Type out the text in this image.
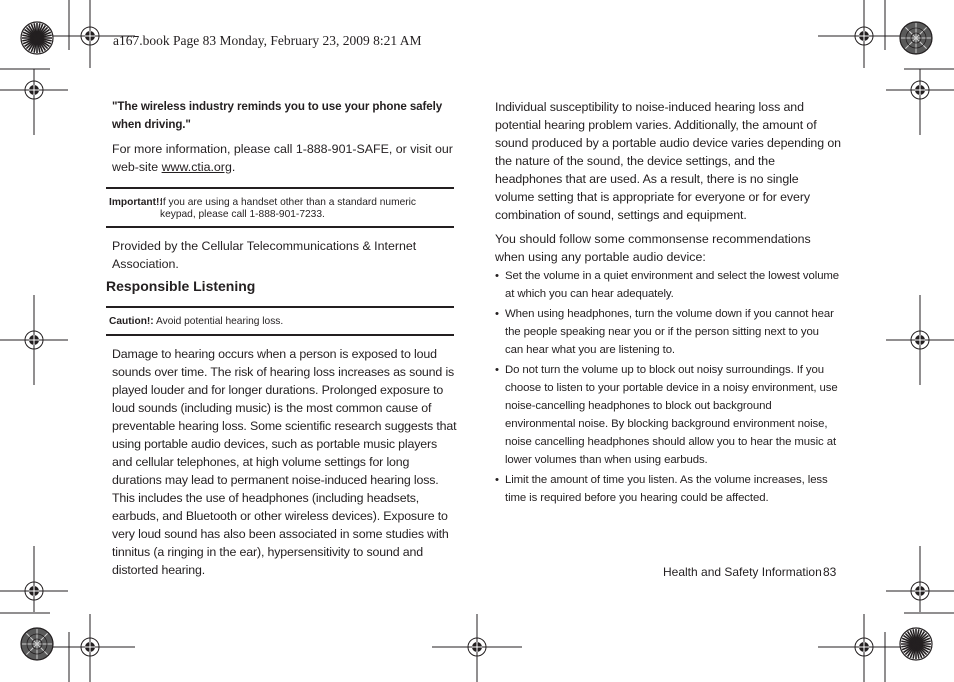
a167.book Page 83 Monday, February 23, 2009 8:21 AM
"The wireless industry reminds you to use your phone safely when driving."
For more information, please call 1-888-901-SAFE, or visit our web-site www.ctia.org.
Important!:
If you are using a handset other than a standard numeric keypad, please call 1-888-901-7233.
Provided by the Cellular Telecommunications & Internet Association.
Responsible Listening
Caution!: Avoid potential hearing loss.
Damage to hearing occurs when a person is exposed to loud sounds over time. The risk of hearing loss increases as sound is played louder and for longer durations. Prolonged exposure to loud sounds (including music) is the most common cause of preventable hearing loss. Some scientific research suggests that using portable audio devices, such as portable music players and cellular telephones, at high volume settings for long durations may lead to permanent noise-induced hearing loss. This includes the use of headphones (including headsets, earbuds, and Bluetooth or other wireless devices). Exposure to very loud sound has also been associated in some studies with tinnitus (a ringing in the ear), hypersensitivity to sound and distorted hearing.
Individual susceptibility to noise-induced hearing loss and potential hearing problem varies. Additionally, the amount of sound produced by a portable audio device varies depending on the nature of the sound, the device settings, and the headphones that are used. As a result, there is no single volume setting that is appropriate for everyone or for every combination of sound, settings and equipment.
You should follow some commonsense recommendations when using any portable audio device:
• Set the volume in a quiet environment and select the lowest volume at which you can hear adequately.
• When using headphones, turn the volume down if you cannot hear the people speaking near you or if the person sitting next to you can hear what you are listening to.
• Do not turn the volume up to block out noisy surroundings. If you choose to listen to your portable device in a noisy environment, use noise-cancelling headphones to block out background environmental noise. By blocking background environment noise, noise cancelling headphones should allow you to hear the music at lower volumes than when using earbuds.
• Limit the amount of time you listen. As the volume increases, less time is required before you hearing could be affected.
Health and Safety Information 83
